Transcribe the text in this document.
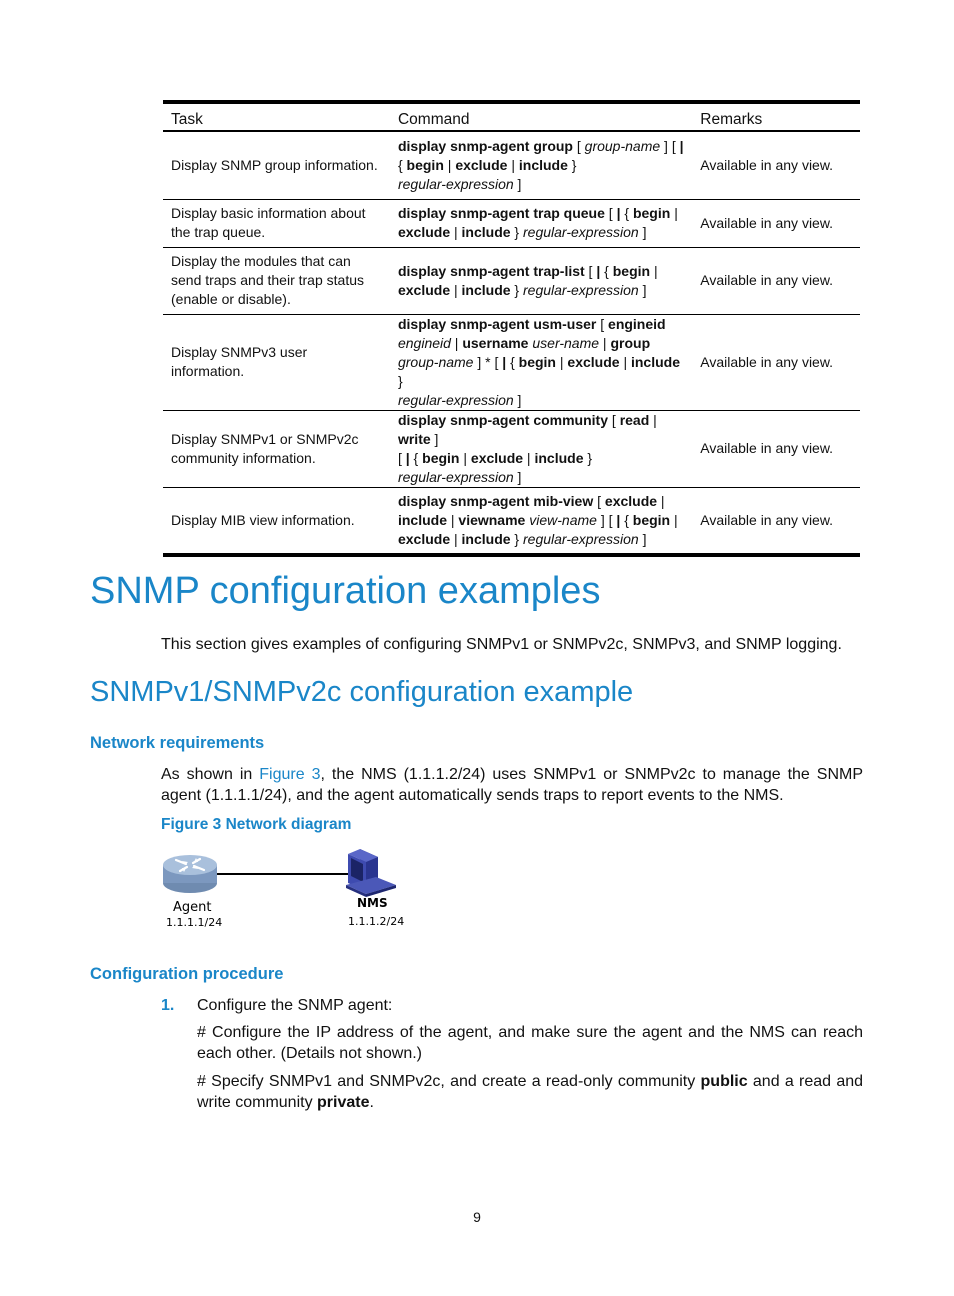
Task	Command	Remarks
Display SNMP group information.	display snmp-agent group [ group-name ] [ |
{ begin | exclude | include }
regular-expression ]	Available in any view.
Display basic information about the trap queue.	display snmp-agent trap queue [ | { begin |
exclude | include } regular-expression ]	Available in any view.
Display the modules that can send traps and their trap status (enable or disable).	display snmp-agent trap-list [ | { begin |
exclude | include } regular-expression ]	Available in any view.
Display SNMPv3 user information.	display snmp-agent usm-user [ engineid
engineid | username user-name | group
group-name ] * [ | { begin | exclude | include }
regular-expression ]	Available in any view.
Display SNMPv1 or SNMPv2c community information.	display snmp-agent community [ read | write ]
[ | { begin | exclude | include }
regular-expression ]	Available in any view.
Display MIB view information.	display snmp-agent mib-view [ exclude |
include | viewname view-name ] [ | { begin |
exclude | include } regular-expression ]	Available in any view.
SNMP configuration examples
This section gives examples of configuring SNMPv1 or SNMPv2c, SNMPv3, and SNMP logging.
SNMPv1/SNMPv2c configuration example
Network requirements
As shown in Figure 3, the NMS (1.1.1.2/24) uses SNMPv1 or SNMPv2c to manage the SNMP agent (1.1.1.1/24), and the agent automatically sends traps to report events to the NMS.
Figure 3 Network diagram
Agent
1.1.1.1/24
NMS
1.1.1.2/24
Configuration procedure
1. Configure the SNMP agent:
# Configure the IP address of the agent, and make sure the agent and the NMS can reach each other. (Details not shown.)
# Specify SNMPv1 and SNMPv2c, and create a read-only community public and a read and write community private.
9
